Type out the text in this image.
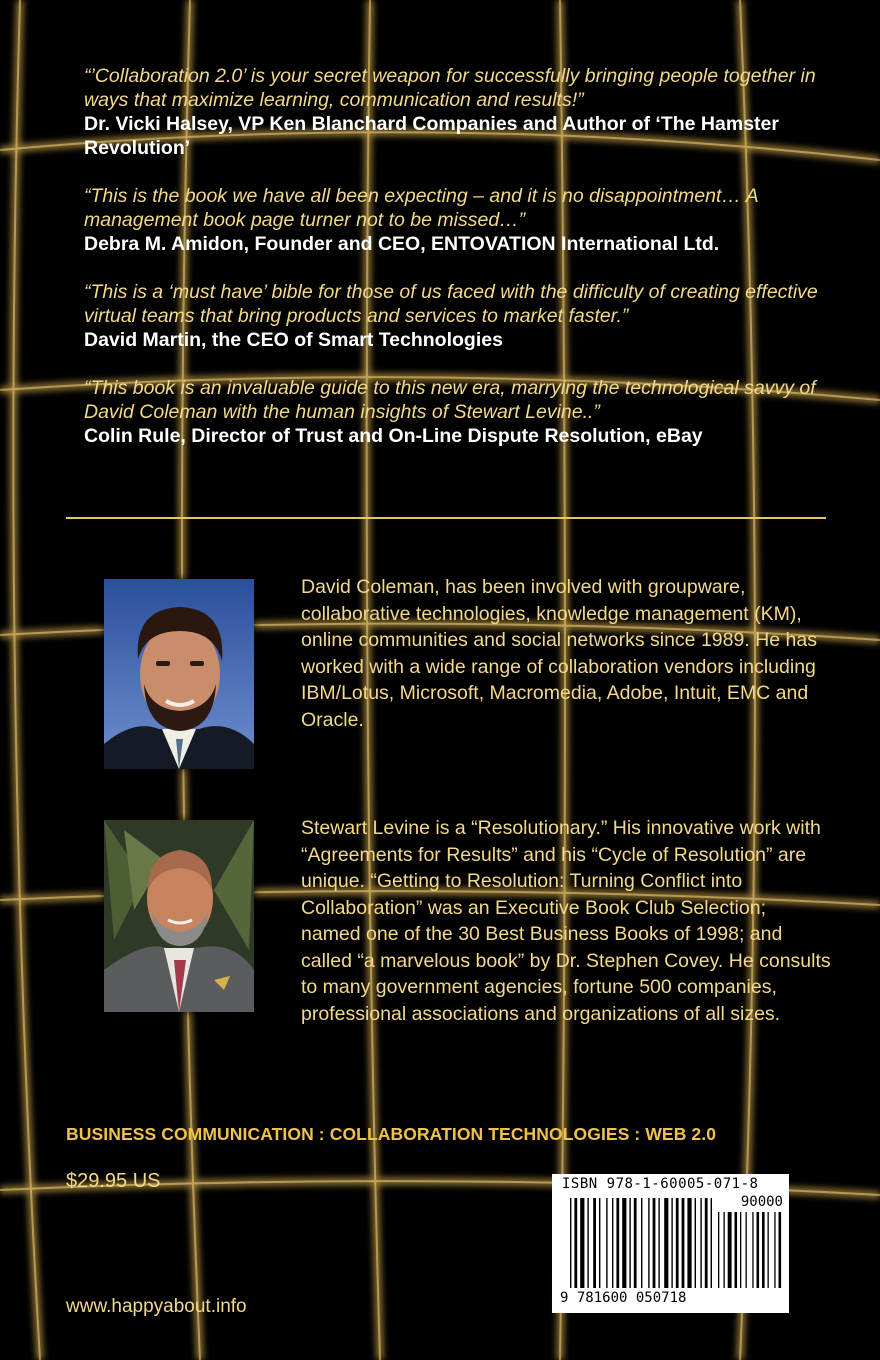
“’Collaboration 2.0’ is your secret weapon for successfully bringing people together in ways that maximize learning, communication and results!”
Dr. Vicki Halsey, VP Ken Blanchard Companies and Author of ‘The Hamster Revolution’
“This is the book we have all been expecting – and it is no disappointment… A management book page turner not to be missed…”
Debra M. Amidon, Founder and CEO, ENTOVATION International Ltd.
“This is a ‘must have’ bible for those of us faced with the difficulty of creating effective virtual teams that bring products and services to market faster.”
David Martin, the CEO of Smart Technologies
“This book is an invaluable guide to this new era, marrying the technological savvy of David Coleman with the human insights of Stewart Levine..”
Colin Rule, Director of Trust and On-Line Dispute Resolution, eBay
David Coleman, has been involved with groupware, collaborative technologies, knowledge management (KM), online communities and social networks since 1989. He has worked with a wide range of collaboration vendors including IBM/Lotus, Microsoft, Macromedia, Adobe, Intuit, EMC and Oracle.
Stewart Levine is a “Resolutionary.” His innovative work with “Agreements for Results” and his “Cycle of Resolution” are unique. “Getting to Resolution: Turning Conflict into Collaboration” was an Executive Book Club Selection; named one of the 30 Best Business Books of 1998; and called “a marvelous book” by Dr. Stephen Covey. He consults to many government agencies, fortune 500 companies, professional associations and organizations of all sizes.
BUSINESS COMMUNICATION : COLLABORATION TECHNOLOGIES : WEB 2.0
$29.95 US
www.happyabout.info
ISBN 978-1-60005-071-8
90000
9 781600 050718
